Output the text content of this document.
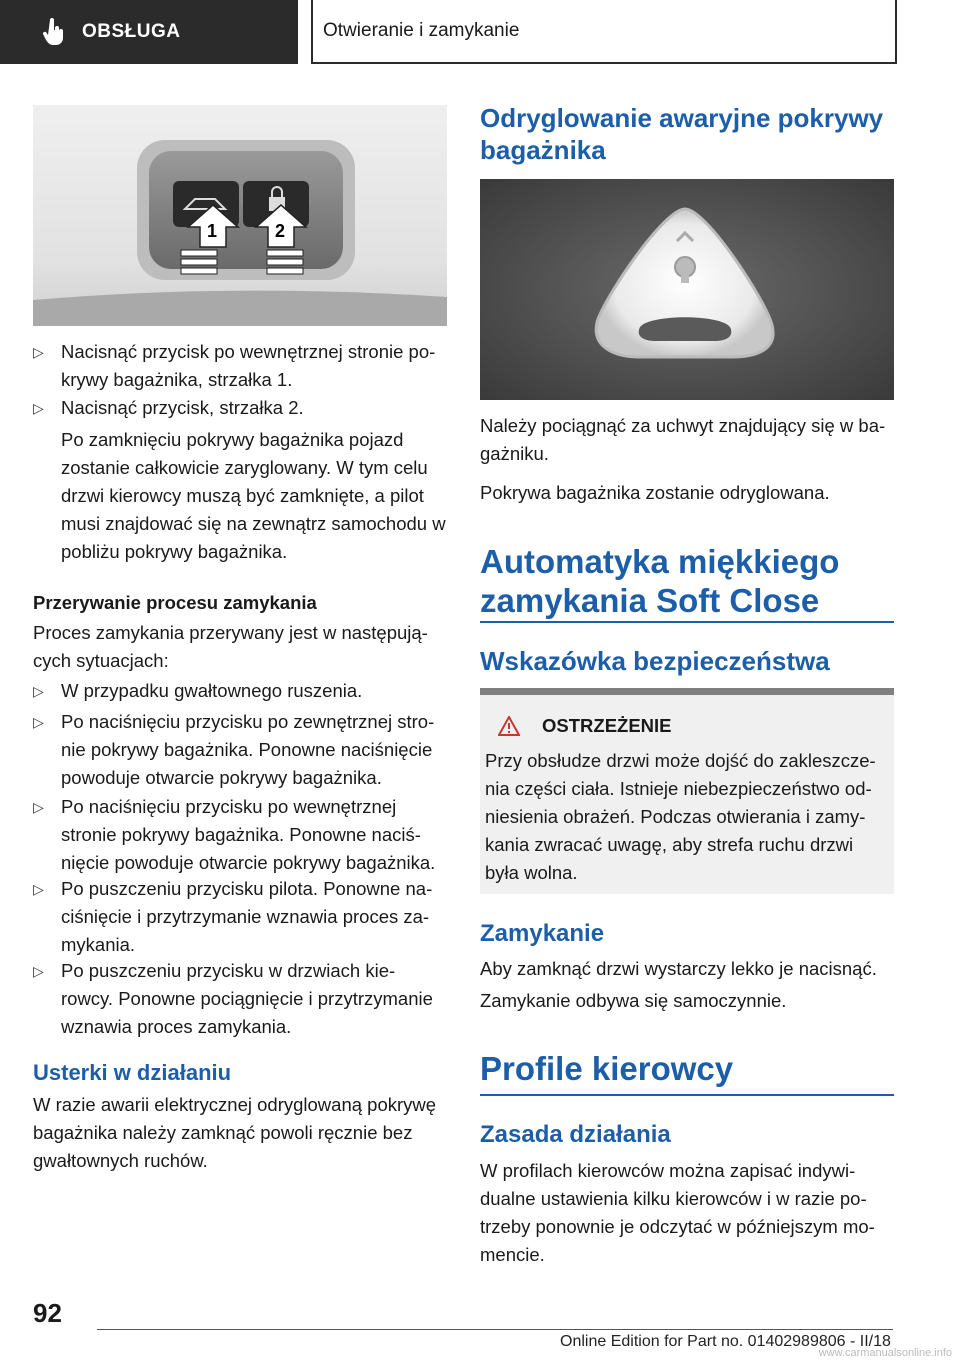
OBSŁUGA	Otwieranie i zamykanie
1	2
▷ Nacisnąć przycisk po wewnętrznej stronie po-krywy bagażnika, strzałka 1.
▷ Nacisnąć przycisk, strzałka 2.
Po zamknięciu pokrywy bagażnika pojazd zostanie całkowicie zaryglowany. W tym celu drzwi kierowcy muszą być zamknięte, a pilot musi znajdować się na zewnątrz samochodu w pobliżu pokrywy bagażnika.

Przerywanie procesu zamykania

Proces zamykania przerywany jest w następują-cych sytuacjach:

▷ W przypadku gwałtownego ruszenia.
▷ Po naciśnięciu przycisku po zewnętrznej stro-nie pokrywy bagażnika. Ponowne naciśnięcie powoduje otwarcie pokrywy bagażnika.
▷ Po naciśnięciu przycisku po wewnętrznej stronie pokrywy bagażnika. Ponowne naciś-nięcie powoduje otwarcie pokrywy bagażnika.
▷ Po puszczeniu przycisku pilota. Ponowne na-ciśnięcie i przytrzymanie wznawia proces za-mykania.
▷ Po puszczeniu przycisku w drzwiach kie-rowcy. Ponowne pociągnięcie i przytrzymanie wznawia proces zamykania.

Usterki w działaniu

W razie awarii elektrycznej odryglowaną pokrywę bagażnika należy zamknąć powoli ręcznie bez gwałtownych ruchów.

Odryglowanie awaryjne pokrywy bagażnika

Należy pociągnąć za uchwyt znajdujący się w ba-gażniku.

Pokrywa bagażnika zostanie odryglowana.

Automatyka miękkiego zamykania Soft Close

Wskazówka bezpieczeństwa

OSTRZEŻENIE

Przy obsłudze drzwi może dojść do zakleszcze-nia części ciała. Istnieje niebezpieczeństwo od-niesienia obrażeń. Podczas otwierania i zamy-kania zwracać uwagę, aby strefa ruchu drzwi była wolna.

Zamykanie

Aby zamknąć drzwi wystarczy lekko je nacisnąć.

Zamykanie odbywa się samoczynnie.

Profile kierowcy

Zasada działania

W profilach kierowców można zapisać indywi-dualne ustawienia kilku kierowców i w razie po-trzeby ponownie je odczytać w późniejszym mo-mencie.

92
Online Edition for Part no. 01402989806 - II/18
www.carmanualsonline.info
